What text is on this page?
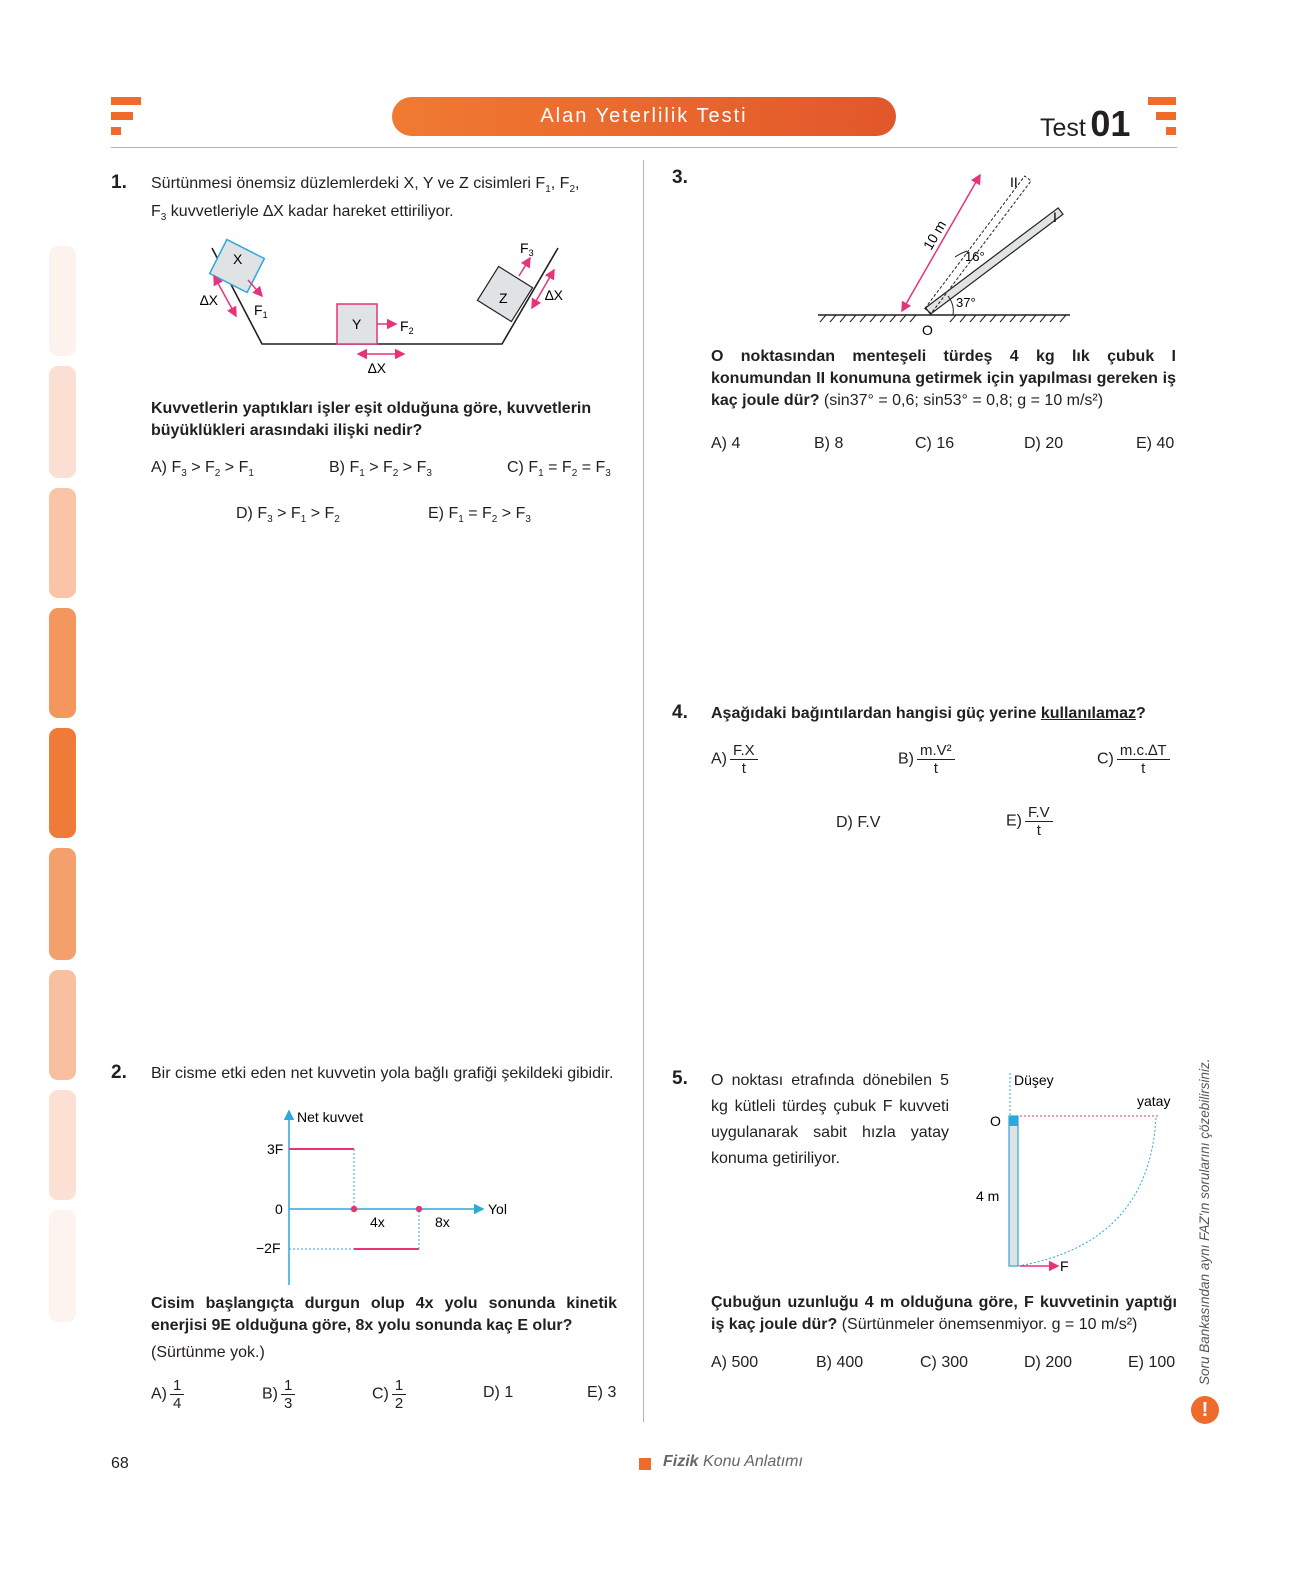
Alan Yeterlilik Testi	Test 01
1. Sürtünmesi önemsiz düzlemlerdeki X, Y ve Z cisimleri $F_1$, $F_2$,
$F_3$ kuvvetleriyle ∆X kadar hareket ettiriliyor.
X
∆X
$F_1$
Y	$F_2$
∆X
Z
$F_3$
∆X
Kuvvetlerin yaptıkları işler eşit olduğuna göre, kuvvetlerin büyüklükleri arasındaki ilişki nedir?
A) $F_3 > F_2 > F_1$	B) $F_1 > F_2 > F_3$	C) $F_1 = F_2 = F_3$
D) $F_3 > F_1 > F_2$	E) $F_1 = F_2 > F_3$
2. Bir cisme etki eden net kuvvetin yola bağlı grafiği şekildeki gibidir.
Net kuvvet
Yol
3F
0
−2F
4x	8x
Cisim başlangıçta durgun olup 4x yolu sonunda kinetik enerjisi 9E olduğuna göre, 8x yolu sonunda kaç E olur?
(Sürtünme yok.)
$A) \frac{1}{4}$	$B) \frac{1}{3}$	$C) \frac{1}{2}$	D) 1	E) 3
3.
10 m
37°
16°
O
I
II
O noktasından menteşeli türdeş 4 kg lık çubuk I konumundan II konumuna getirmek için yapılması gereken iş kaç joule dür? (sin37° = 0,6; sin53° = 0,8; g = 10 m/s²)
A) 4	B) 8	C) 16	D) 20	E) 40
4. Aşağıdaki bağıntılardan hangisi güç yerine kullanılamaz?
$A) \frac{F.X}{t}$	$B) \frac{\text{m.V²}}{t}$	$C) \frac{m.c.\Delta T}{t}$
D) F.V	$E) \frac{F.V}{t}$
5. O noktası etrafında dönebilen 5 kg kütleli türdeş çubuk F kuvveti uygulanarak sabit hızla yatay konuma getiriliyor.
Düşey
yatay
O
4 m
F
Çubuğun uzunluğu 4 m olduğuna göre, F kuvvetinin yaptığı iş kaç joule dür? (Sürtünmeler önemsenmiyor. g = 10 m/s²)
A) 500	B) 400	C) 300	D) 200	E) 100 Soru Bankasından aynı FAZ'ın sorularını çözebilirsiniz.
!
68	Fizik Konu Anlatımı
